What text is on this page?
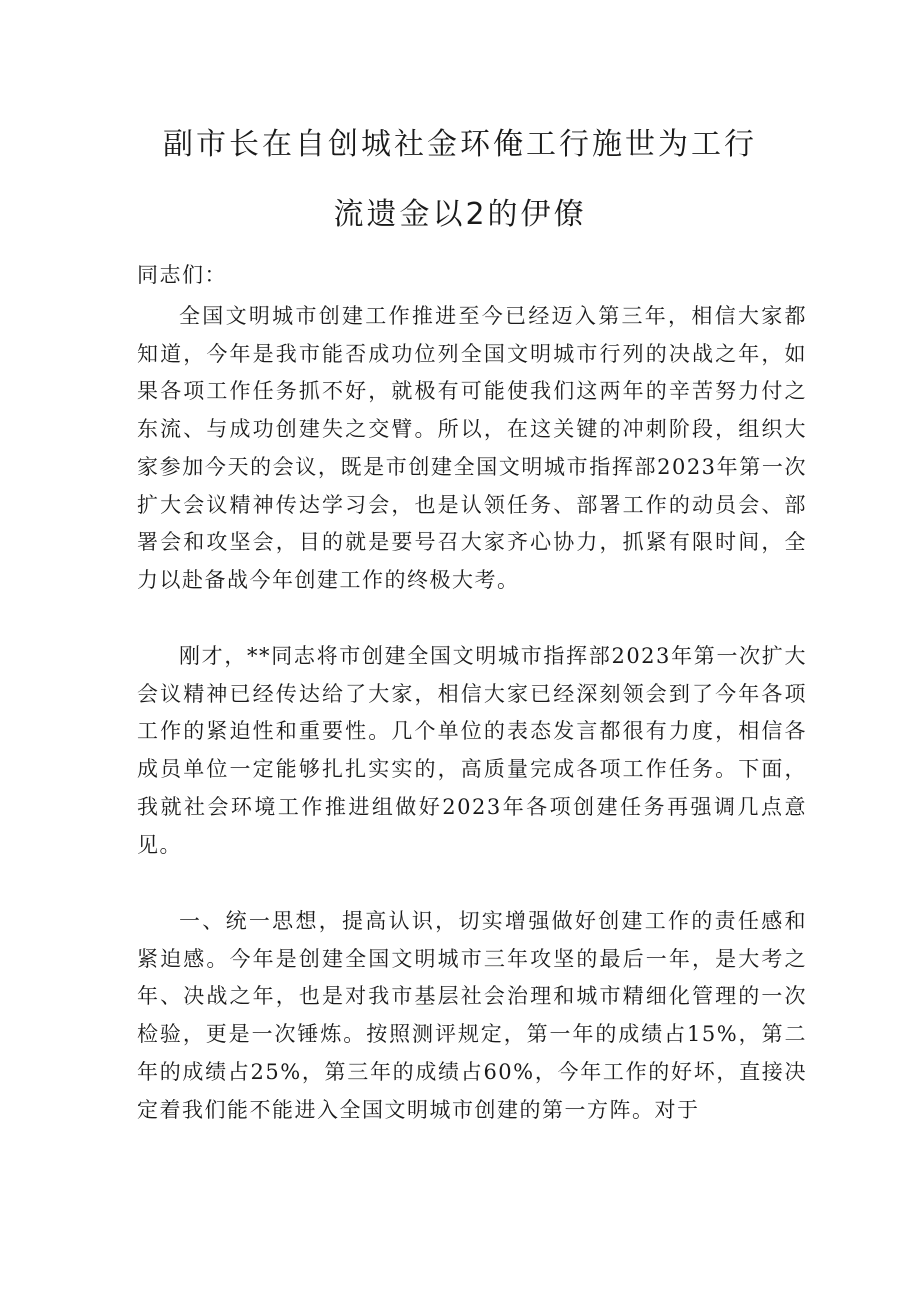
副市长在自创城社金环俺工行施世为工行
流遗金以2的伊僚

同志们：

全国文明城市创建工作推进至今已经迈入第三年，相信大家都知道，今年是我市能否成功位列全国文明城市行列的决战之年，如果各项工作任务抓不好，就极有可能使我们这两年的辛苦努力付之东流、与成功创建失之交臂。所以，在这关键的冲刺阶段，组织大家参加今天的会议，既是市创建全国文明城市指挥部2023年第一次扩大会议精神传达学习会，也是认领任务、部署工作的动员会、部署会和攻坚会，目的就是要号召大家齐心协力，抓紧有限时间，全力以赴备战今年创建工作的终极大考。

刚才，**同志将市创建全国文明城市指挥部2023年第一次扩大会议精神已经传达给了大家，相信大家已经深刻领会到了今年各项工作的紧迫性和重要性。几个单位的表态发言都很有力度，相信各成员单位一定能够扎扎实实的，高质量完成各项工作任务。下面，我就社会环境工作推进组做好2023年各项创建任务再强调几点意见。

一、统一思想，提高认识，切实增强做好创建工作的责任感和紧迫感。今年是创建全国文明城市三年攻坚的最后一年，是大考之年、决战之年，也是对我市基层社会治理和城市精细化管理的一次检验，更是一次锤炼。按照测评规定，第一年的成绩占15%，第二年的成绩占25%，第三年的成绩占60%，今年工作的好坏，直接决定着我们能不能进入全国文明城市创建的第一方阵。对于
